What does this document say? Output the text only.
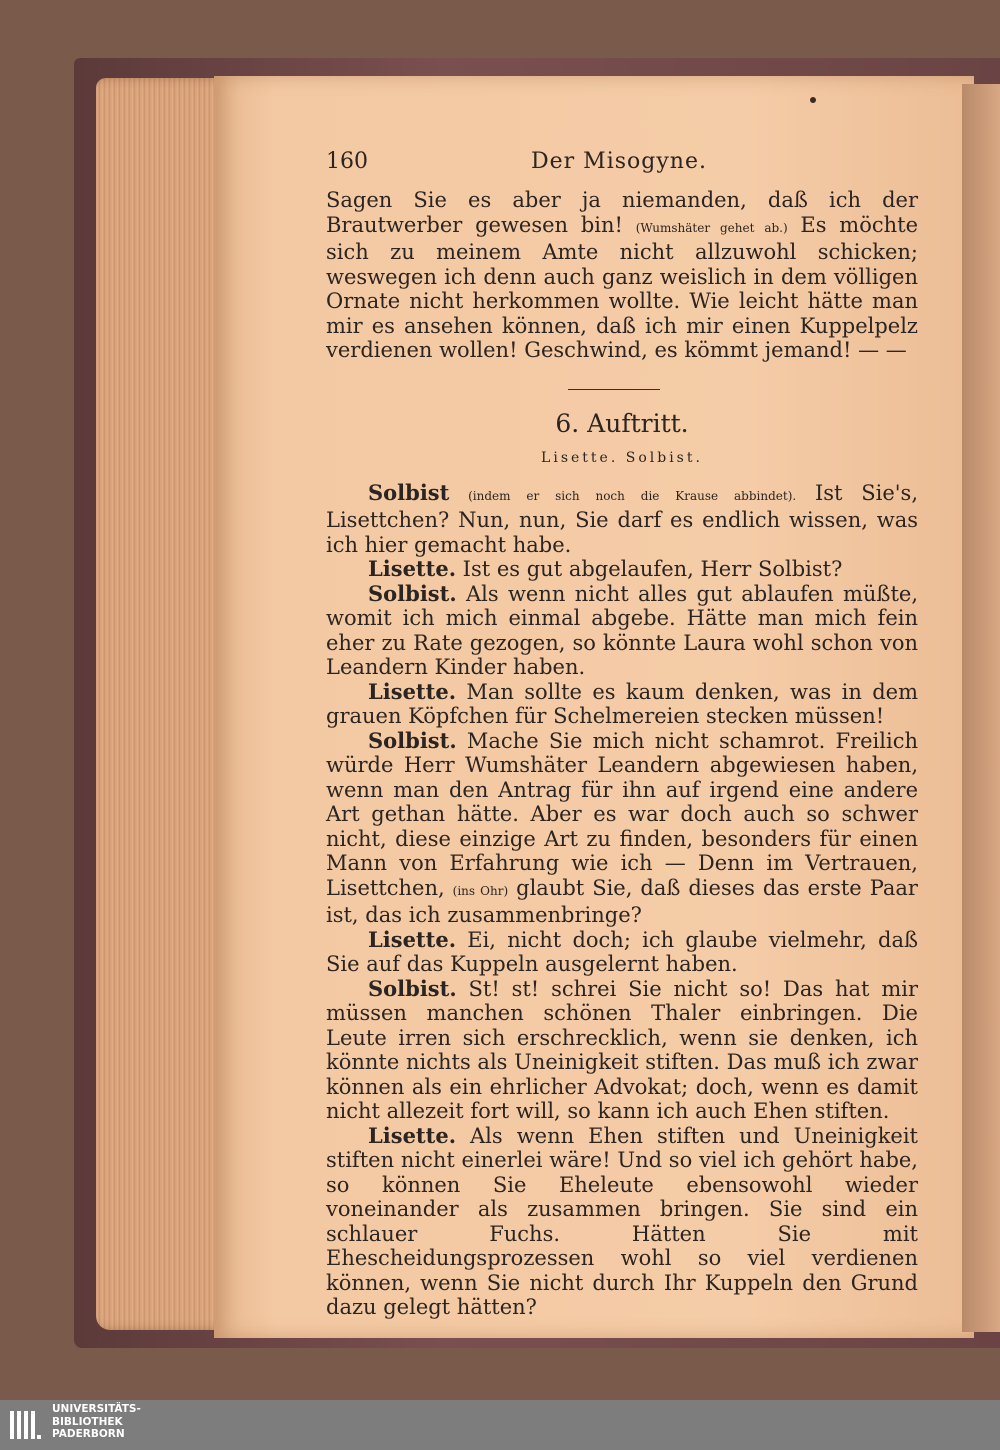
160	Der Misogyne.

Sagen Sie es aber ja niemanden, daß ich der Brautwerber gewesen bin! (Wumshäter gehet ab.) Es möchte sich zu meinem Amte nicht allzuwohl schicken; weswegen ich denn auch ganz weislich in dem völligen Ornate nicht herkommen wollte. Wie leicht hätte man mir es ansehen können, daß ich mir einen Kuppelpelz verdienen wollen! Geschwind, es kömmt jemand! — —

6. Auftritt.

Lisette. Solbist.

Solbist (indem er sich noch die Krause abbindet). Ist Sie's, Lisettchen? Nun, nun, Sie darf es endlich wissen, was ich hier gemacht habe.

Lisette. Ist es gut abgelaufen, Herr Solbist?

Solbist. Als wenn nicht alles gut ablaufen müßte, womit ich mich einmal abgebe. Hätte man mich fein eher zu Rate gezogen, so könnte Laura wohl schon von Leandern Kinder haben.

Lisette. Man sollte es kaum denken, was in dem grauen Köpfchen für Schelmereien stecken müssen!

Solbist. Mache Sie mich nicht schamrot. Freilich würde Herr Wumshäter Leandern abgewiesen haben, wenn man den Antrag für ihn auf irgend eine andere Art gethan hätte. Aber es war doch auch so schwer nicht, diese einzige Art zu finden, besonders für einen Mann von Erfahrung wie ich — Denn im Vertrauen, Lisettchen, (ins Ohr) glaubt Sie, daß dieses das erste Paar ist, das ich zusammenbringe?

Lisette. Ei, nicht doch; ich glaube vielmehr, daß Sie auf das Kuppeln ausgelernt haben.

Solbist. St! st! schrei Sie nicht so! Das hat mir müssen manchen schönen Thaler einbringen. Die Leute irren sich erschrecklich, wenn sie denken, ich könnte nichts als Uneinigkeit stiften. Das muß ich zwar können als ein ehrlicher Advokat; doch, wenn es damit nicht allezeit fort will, so kann ich auch Ehen stiften.

Lisette. Als wenn Ehen stiften und Uneinigkeit stiften nicht einerlei wäre! Und so viel ich gehört habe, so können Sie Eheleute ebensowohl wieder voneinander als zusammen bringen. Sie sind ein schlauer Fuchs. Hätten Sie mit Ehescheidungsprozessen wohl so viel verdienen können, wenn Sie nicht durch Ihr Kuppeln den Grund dazu gelegt hätten?

UNIVERSITÄTS-
BIBLIOTHEK
PADERBORN
